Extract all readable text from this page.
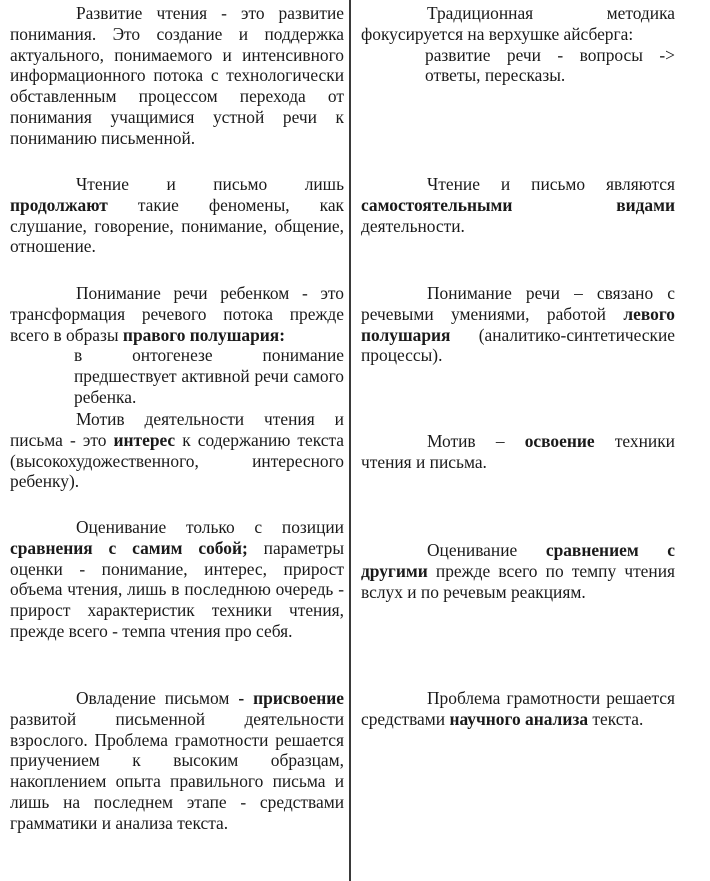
Развитие чтения - это развитие понимания. Это создание и поддержка актуального, понимаемого и интенсивного информационного потока с технологически обставленным процессом перехода от понимания учащимися устной речи к пониманию письменной.

Традиционная методика фокусируется на верхушке айсберга:
развитие речи - вопросы -> ответы, пересказы.

Чтение и письмо лишь продолжают такие феномены, как слушание, говорение, понимание, общение, отношение.

Чтение и письмо являются самостоятельными видами деятельности.

Понимание речи ребенком - это трансформация речевого потока прежде всего в образы правого полушария:
в онтогенезе понимание предшествует активной речи самого ребенка.

Понимание речи – связано с речевыми умениями, работой левого полушария (аналитико-синтетические процессы).

Мотив деятельности чтения и письма - это интерес к содержанию текста (высокохудожественного, интересного ребенку).

Мотив – освоение техники чтения и письма.

Оценивание только с позиции сравнения с самим собой; параметры оценки - понимание, интерес, прирост объема чтения, лишь в последнюю очередь - прирост характеристик техники чтения, прежде всего - темпа чтения про себя.

Оценивание сравнением с другими прежде всего по темпу чтения вслух и по речевым реакциям.

Овладение письмом - присвоение развитой письменной деятельности взрослого. Проблема грамотности решается приучением к высоким образцам, накоплением опыта правильного письма и лишь на последнем этапе - средствами грамматики и анализа текста.

Проблема грамотности решается средствами научного анализа текста.
